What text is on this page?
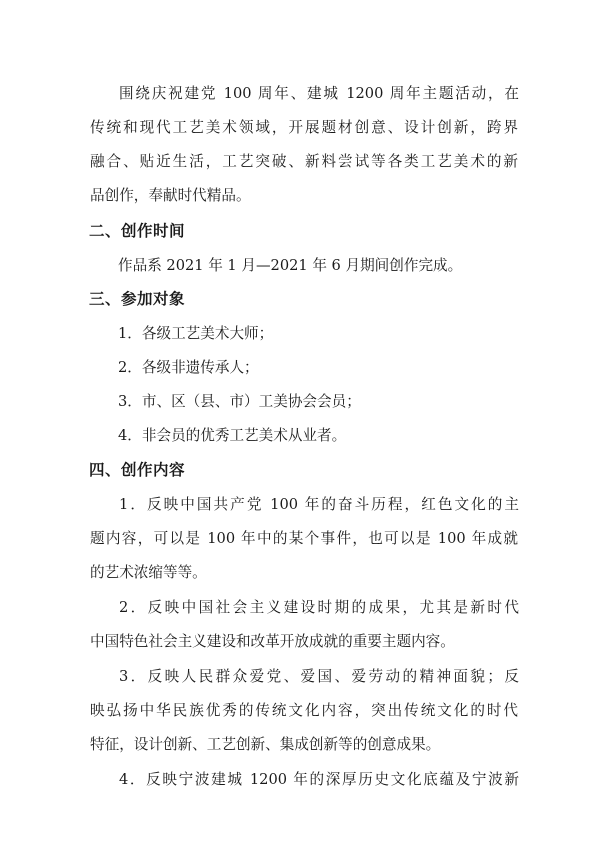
围绕庆祝建党 100 周年、建城 1200 周年主题活动，在
传统和现代工艺美术领域，开展题材创意、设计创新，跨界
融合、贴近生活，工艺突破、新料尝试等各类工艺美术的新
品创作，奉献时代精品。
二、创作时间
作品系 2021 年 1 月—2021 年 6 月期间创作完成。
三、参加对象
1．各级工艺美术大师；
2．各级非遗传承人；
3．市、区（县、市）工美协会会员；
4．非会员的优秀工艺美术从业者。
四、创作内容
1．反映中国共产党 100 年的奋斗历程，红色文化的主
题内容，可以是 100 年中的某个事件，也可以是 100 年成就
的艺术浓缩等等。
2．反映中国社会主义建设时期的成果，尤其是新时代
中国特色社会主义建设和改革开放成就的重要主题内容。
3．反映人民群众爱党、爱国、爱劳动的精神面貌；反
映弘扬中华民族优秀的传统文化内容，突出传统文化的时代
特征，设计创新、工艺创新、集成创新等的创意成果。
4．反映宁波建城 1200 年的深厚历史文化底蕴及宁波新
